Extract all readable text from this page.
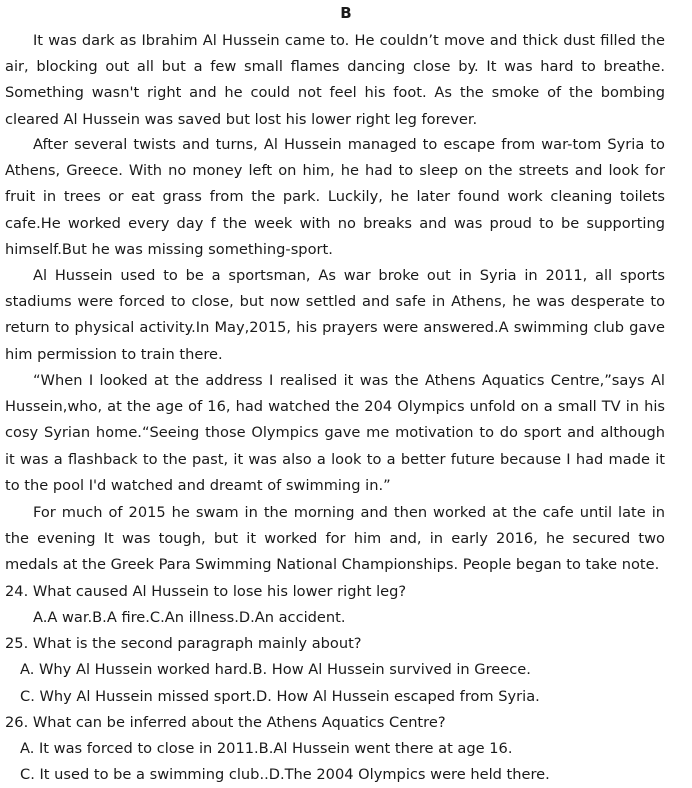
B

It was dark as Ibrahim Al Hussein came to. He couldn’t move and thick dust filled the air, blocking out all but a few small flames dancing close by. It was hard to breathe. Something wasn't right and he could not feel his foot. As the smoke of the bombing cleared Al Hussein was saved but lost his lower right leg forever.

After several twists and turns, Al Hussein managed to escape from war-tom Syria to Athens, Greece. With no money left on him, he had to sleep on the streets and look for fruit in trees or eat grass from the park. Luckily, he later found work cleaning toilets cafe.He worked every day f the week with no breaks and was proud to be supporting himself.But he was missing something-sport.

Al Hussein used to be a sportsman, As war broke out in Syria in 2011, all sports stadiums were forced to close, but now settled and safe in Athens, he was desperate to return to physical activity.In May,2015, his prayers were answered.A swimming club gave him permission to train there.

“When I looked at the address I realised it was the Athens Aquatics Centre,”says Al Hussein,who, at the age of 16, had watched the 204 Olympics unfold on a small TV in his cosy Syrian home.“Seeing those Olympics gave me motivation to do sport and although it was a flashback to the past, it was also a look to a better future because I had made it to the pool I'd watched and dreamt of swimming in.”

For much of 2015 he swam in the morning and then worked at the cafe until late in the evening It was tough, but it worked for him and, in early 2016, he secured two medals at the Greek Para Swimming National Championships. People began to take note.

24. What caused Al Hussein to lose his lower right leg?
A.A war.B.A fire.C.An illness.D.An accident.
25. What is the second paragraph mainly about?
A. Why Al Hussein worked hard.B. How Al Hussein survived in Greece.
C. Why Al Hussein missed sport.D. How Al Hussein escaped from Syria.
26. What can be inferred about the Athens Aquatics Centre?
A. It was forced to close in 2011.B.Al Hussein went there at age 16.
C. It used to be a swimming club..D.The 2004 Olympics were held there.
